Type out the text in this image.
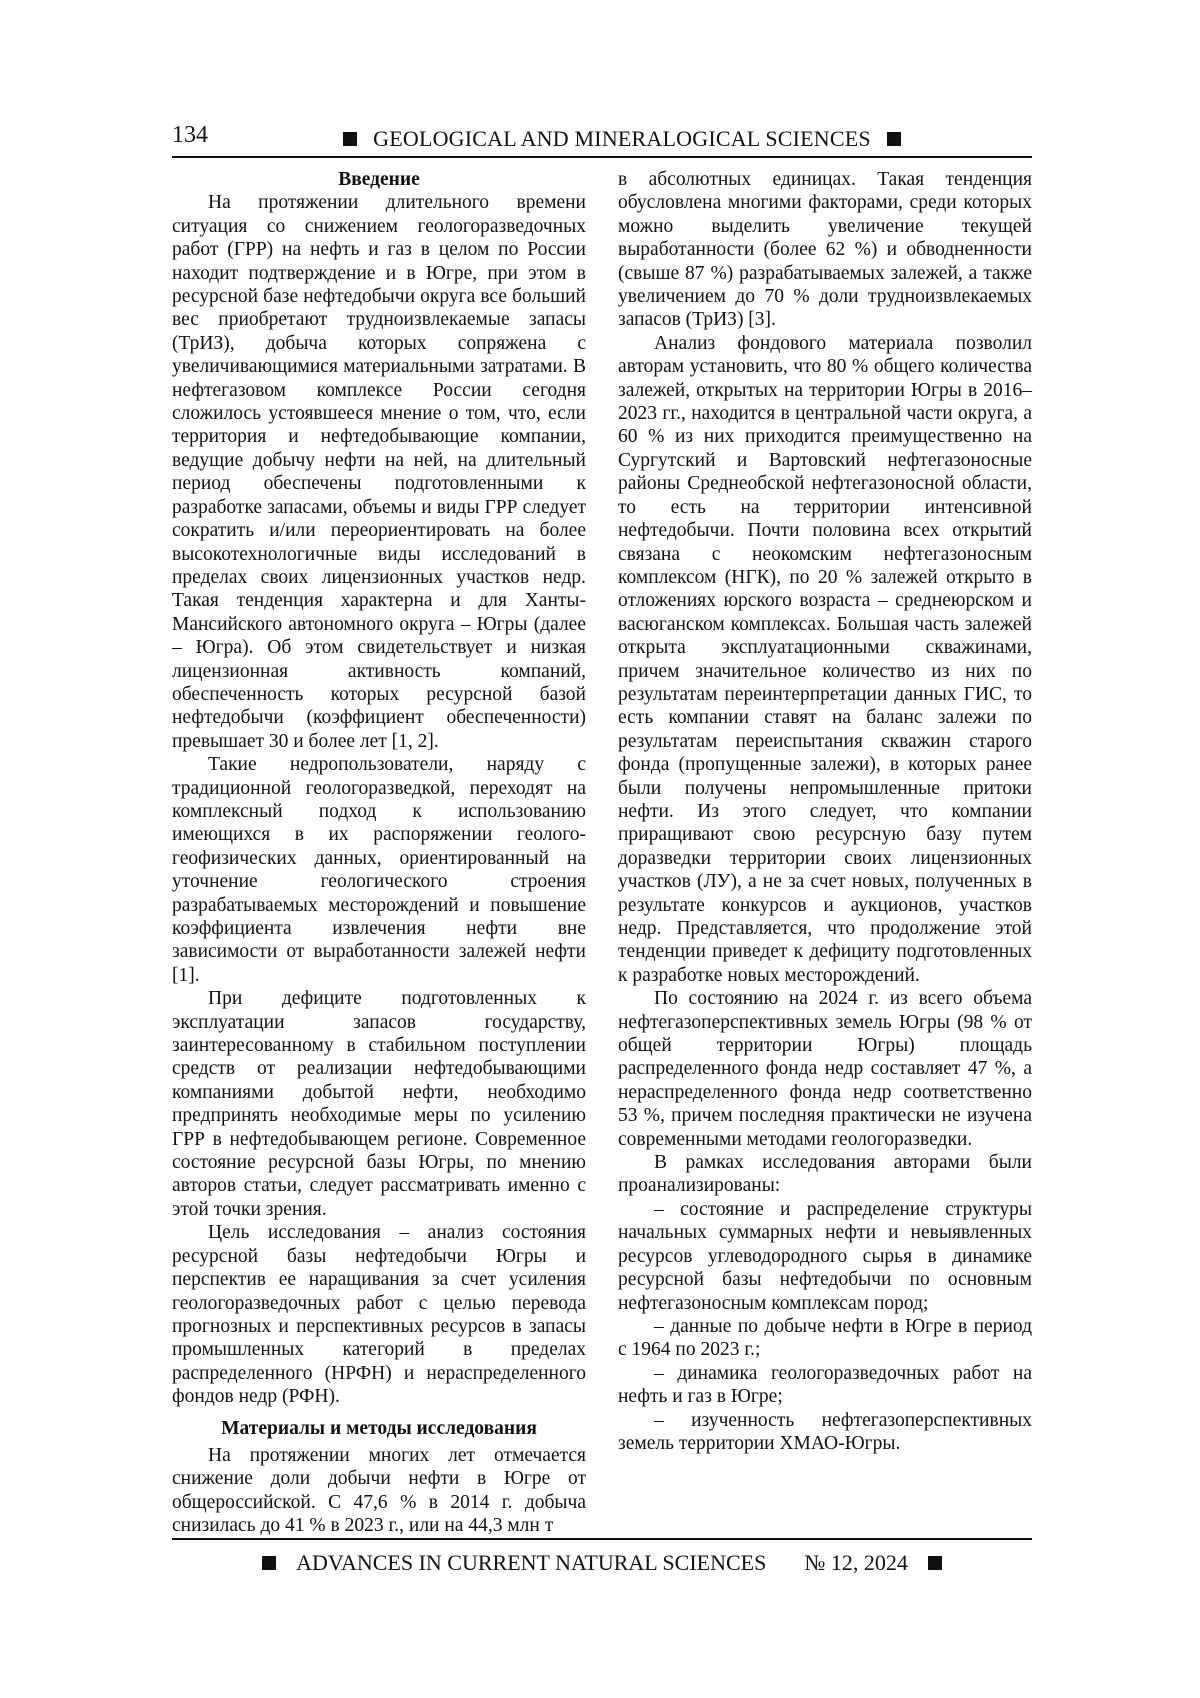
134	GEOLOGICAL AND MINERALOGICAL SCIENCES
Введение

На протяжении длительного времени ситуация со снижением геологоразведочных работ (ГРР) на нефть и газ в целом по России находит подтверждение и в Югре, при этом в ресурсной базе нефтедобычи округа все больший вес приобретают трудноизвлекаемые запасы (ТрИЗ), добыча которых сопряжена с увеличивающимися материальными затратами. В нефтегазовом комплексе России сегодня сложилось устоявшееся мнение о том, что, если территория и нефтедобывающие компании, ведущие добычу нефти на ней, на длительный период обеспечены подготовленными к разработке запасами, объемы и виды ГРР следует сократить и/или переориентировать на более высокотехнологичные виды исследований в пределах своих лицензионных участков недр. Такая тенденция характерна и для Ханты-Мансийского автономного округа – Югры (далее – Югра). Об этом свидетельствует и низкая лицензионная активность компаний, обеспеченность которых ресурсной базой нефтедобычи (коэффициент обеспеченности) превышает 30 и более лет [1, 2].

Такие недропользователи, наряду с традиционной геологоразведкой, переходят на комплексный подход к использованию имеющихся в их распоряжении геолого-геофизических данных, ориентированный на уточнение геологического строения разрабатываемых месторождений и повышение коэффициента извлечения нефти вне зависимости от выработанности залежей нефти [1].

При дефиците подготовленных к эксплуатации запасов государству, заинтересованному в стабильном поступлении средств от реализации нефтедобывающими компаниями добытой нефти, необходимо предпринять необходимые меры по усилению ГРР в нефтедобывающем регионе. Современное состояние ресурсной базы Югры, по мнению авторов статьи, следует рассматривать именно с этой точки зрения.

Цель исследования – анализ состояния ресурсной базы нефтедобычи Югры и перспектив ее наращивания за счет усиления геологоразведочных работ с целью перевода прогнозных и перспективных ресурсов в запасы промышленных категорий в пределах распределенного (НРФН) и нераспределенного фондов недр (РФН).

Материалы и методы исследования

На протяжении многих лет отмечается снижение доли добычи нефти в Югре от общероссийской. С 47,6 % в 2014 г. добыча снизилась до 41 % в 2023 г., или на 44,3 млн т

в абсолютных единицах. Такая тенденция обусловлена многими факторами, среди которых можно выделить увеличение текущей выработанности (более 62 %) и обводненности (свыше 87 %) разрабатываемых залежей, а также увеличением до 70 % доли трудноизвлекаемых запасов (ТрИЗ) [3].

Анализ фондового материала позволил авторам установить, что 80 % общего количества залежей, открытых на территории Югры в 2016–2023 гг., находится в центральной части округа, а 60 % из них приходится преимущественно на Сургутский и Вартовский нефтегазоносные районы Среднеобской нефтегазоносной области, то есть на территории интенсивной нефтедобычи. Почти половина всех открытий связана с неокомским нефтегазоносным комплексом (НГК), по 20 % залежей открыто в отложениях юрского возраста – среднеюрском и васюганском комплексах. Большая часть залежей открыта эксплуатационными скважинами, причем значительное количество из них по результатам переинтерпретации данных ГИС, то есть компании ставят на баланс залежи по результатам переиспытания скважин старого фонда (пропущенные залежи), в которых ранее были получены непромышленные притоки нефти. Из этого следует, что компании приращивают свою ресурсную базу путем доразведки территории своих лицензионных участков (ЛУ), а не за счет новых, полученных в результате конкурсов и аукционов, участков недр. Представляется, что продолжение этой тенденции приведет к дефициту подготовленных к разработке новых месторождений.

По состоянию на 2024 г. из всего объема нефтегазоперспективных земель Югры (98 % от общей территории Югры) площадь распределенного фонда недр составляет 47 %, а нераспределенного фонда недр соответственно 53 %, причем последняя практически не изучена современными методами геологоразведки.

В рамках исследования авторами были проанализированы:

– состояние и распределение структуры начальных суммарных нефти и невыявленных ресурсов углеводородного сырья в динамике ресурсной базы нефтедобычи по основным нефтегазоносным комплексам пород;

– данные по добыче нефти в Югре в период с 1964 по 2023 г.;

– динамика геологоразведочных работ на нефть и газ в Югре;

– изученность нефтегазоперспективных земель территории ХМАО-Югры.

ADVANCES IN CURRENT NATURAL SCIENCES № 12, 2024
